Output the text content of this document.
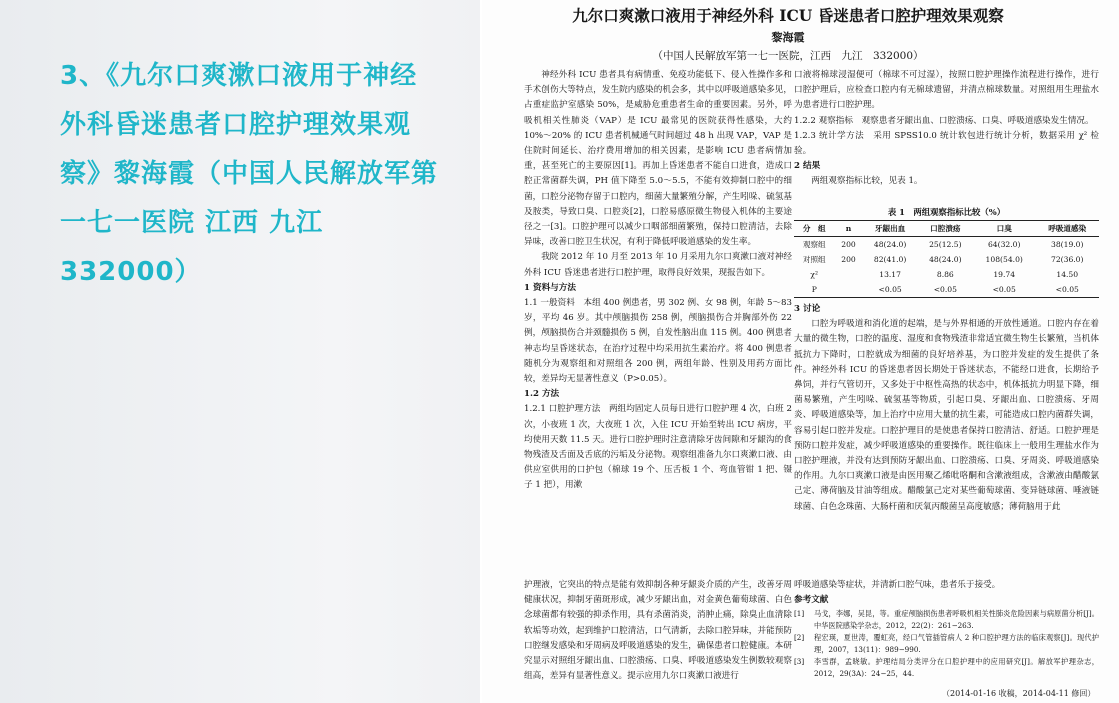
3、《九尔口爽漱口液用于神经外科昏迷患者口腔护理效果观察》黎海霞（中国人民解放军第一七一医院 江西 九江 332000）
九尔口爽漱口液用于神经外科 ICU 昏迷患者口腔护理效果观察
黎海霞
（中国人民解放军第一七一医院，江西　九江　332000）

神经外科 ICU 患者具有病情重、免疫功能低下、侵入性操作多和手术创伤大等特点，发生院内感染的机会多，其中以呼吸道感染多见，占重症监护室感染 50%，是威胁危重患者生命的重要因素。另外，呼吸机相关性肺炎（VAP）是 ICU 最常见的医院获得性感染，大约 10%～20% 的 ICU 患者机械通气时间超过 48 h 出现 VAP，VAP 是住院时间延长、治疗费用增加的相关因素，是影响 ICU 患者病情加重，甚至死亡的主要原因[1]。再加上昏迷患者不能自口进食，造成口腔正常菌群失调，PH 值下降至 5.0～5.5，不能有效抑制口腔中的细菌，口腔分泌物存留于口腔内，细菌大量繁殖分解，产生吲哚、硫氢基及胺类，导致口臭、口腔炎[2]，口腔易感原微生物侵入机体的主要途径之一[3]。口腔护理可以减少口咽部细菌繁殖，保持口腔清洁，去除异味，改善口腔卫生状况，有利于降低呼吸道感染的发生率。

我院 2012 年 10 月至 2013 年 10 月采用九尔口爽漱口液对神经外科 ICU 昏迷患者进行口腔护理，取得良好效果，现报告如下。

1 资料与方法

1.1 一般资料　本组 400 例患者，男 302 例、女 98 例，年龄 5～83 岁，平均 46 岁。其中颅脑损伤 258 例，颅脑损伤合并胸部外伤 22 例，颅脑损伤合并颈髓损伤 5 例，自发性脑出血 115 例。400 例患者神志均呈昏迷状态，在治疗过程中均采用抗生素治疗。将 400 例患者随机分为观察组和对照组各 200 例，两组年龄、性别及用药方面比较，差异均无显著性意义（P>0.05）。

1.2 方法

1.2.1 口腔护理方法　两组均固定人员每日进行口腔护理 4 次，白班 2 次，小夜班 1 次，大夜班 1 次，入住 ICU 开始至转出 ICU 病房，平均使用天数 11.5 天。进行口腔护理时注意清除牙齿间隙和牙龈沟的食物残渣及舌面及舌底的污垢及分泌物。观察组准备九尔口爽漱口液、由供应室供用的口护包（棉球 19 个、压舌板 1 个、弯血管钳 1 把、镊子 1 把），用漱

护理液，它突出的特点是能有效抑制各种牙龈炎介质的产生，改善牙周健康状况，抑制牙菌斑形成，减少牙龈出血，对金黄色葡萄球菌、白色念球菌都有较强的抑杀作用，具有杀菌消炎，消肿止痛，除臭止血清除软垢等功效，起到维护口腔清洁，口气清新，去除口腔异味，并能预防口腔继发感染和牙周病及呼吸道感染的发生，确保患者口腔健康。本研究显示对照组牙龈出血、口腔溃疡、口臭、呼吸道感染发生例数较观察组高，差异有显著性意义。提示应用九尔口爽漱口液进行

口液将棉球浸湿便可（棉球不可过湿），按照口腔护理操作流程进行操作，进行口腔护理后，应检查口腔内有无棉球遗留，并清点棉球数量。对照组用生理盐水为患者进行口腔护理。

1.2.2 观察指标　观察患者牙龈出血、口腔溃疡、口臭、呼吸道感染发生情况。

1.2.3 统计学方法　采用 SPSS10.0 统计软包进行统计分析，数据采用 χ² 检验。

2 结果

两组观察指标比较，见表 1。

表 1　两组观察指标比较（%）
分　组	n	牙龈出血	口腔溃疡	口臭	呼吸道感染
观察组	200	48(24.0)	25(12.5)	64(32.0)	38(19.0)
对照组	200	82(41.0)	48(24.0)	108(54.0)	72(36.0)
χ²		13.17	8.86	19.74	14.50
P		<0.05	<0.05	<0.05	<0.05

3 讨论

口腔为呼吸道和消化道的起端，是与外界相通的开放性通道。口腔内存在着大量的微生物，口腔的温度、湿度和食物残渣非常适宜微生物生长繁殖，当机体抵抗力下降时，口腔就成为细菌的良好培养基，为口腔并发症的发生提供了条件。神经外科 ICU 的昏迷患者因长期处于昏迷状态，不能经口进食，长期给予鼻饲，并行气管切开，又多处于中枢性高热的状态中，机体抵抗力明显下降，细菌易繁殖，产生吲哚、硫氢基等物质，引起口臭、牙龈出血、口腔溃疡、牙周炎、呼吸道感染等，加上治疗中应用大量的抗生素，可能造成口腔内菌群失调，容易引起口腔并发症。口腔护理目的是使患者保持口腔清洁、舒适。口腔护理是预防口腔并发症，减少呼吸道感染的重要操作。既往临床上一般用生理盐水作为口腔护理液，并没有达到预防牙龈出血、口腔溃疡、口臭、牙周炎、呼吸道感染的作用。九尔口爽漱口液是由医用聚乙烯吡咯酮和含漱液组成，含漱液由醋酸氯己定、薄荷脑及甘油等组成。醋酸氯己定对某些葡萄球菌、变异链球菌、唾液链球菌、白色念珠菌、大肠杆菌和厌氧丙酸菌呈高度敏感；薄荷脑用于此

呼吸道感染等症状，并清新口腔气味，患者乐于接受。

参考文献

[1]	马戈，李娜，吴昆，等。重症颅脑损伤患者呼吸机相关性肺炎危险因素与病原菌分析[J]。中华医院感染学杂志，2012，22(2)：261−263.
[2]	程宏瑛，夏世涛，覆虹亮，经口气管插管病人 2 种口腔护理方法的临床观察[J]。现代护理，2007，13(11)：989−990.
[3]	李雪群，孟晓敏。护理结局分类评分在口腔护理中的应用研究[J]。解放军护理杂志，2012，29(3A)：24−25，44.
（2014-01-16 收稿，2014-04-11 修回）
